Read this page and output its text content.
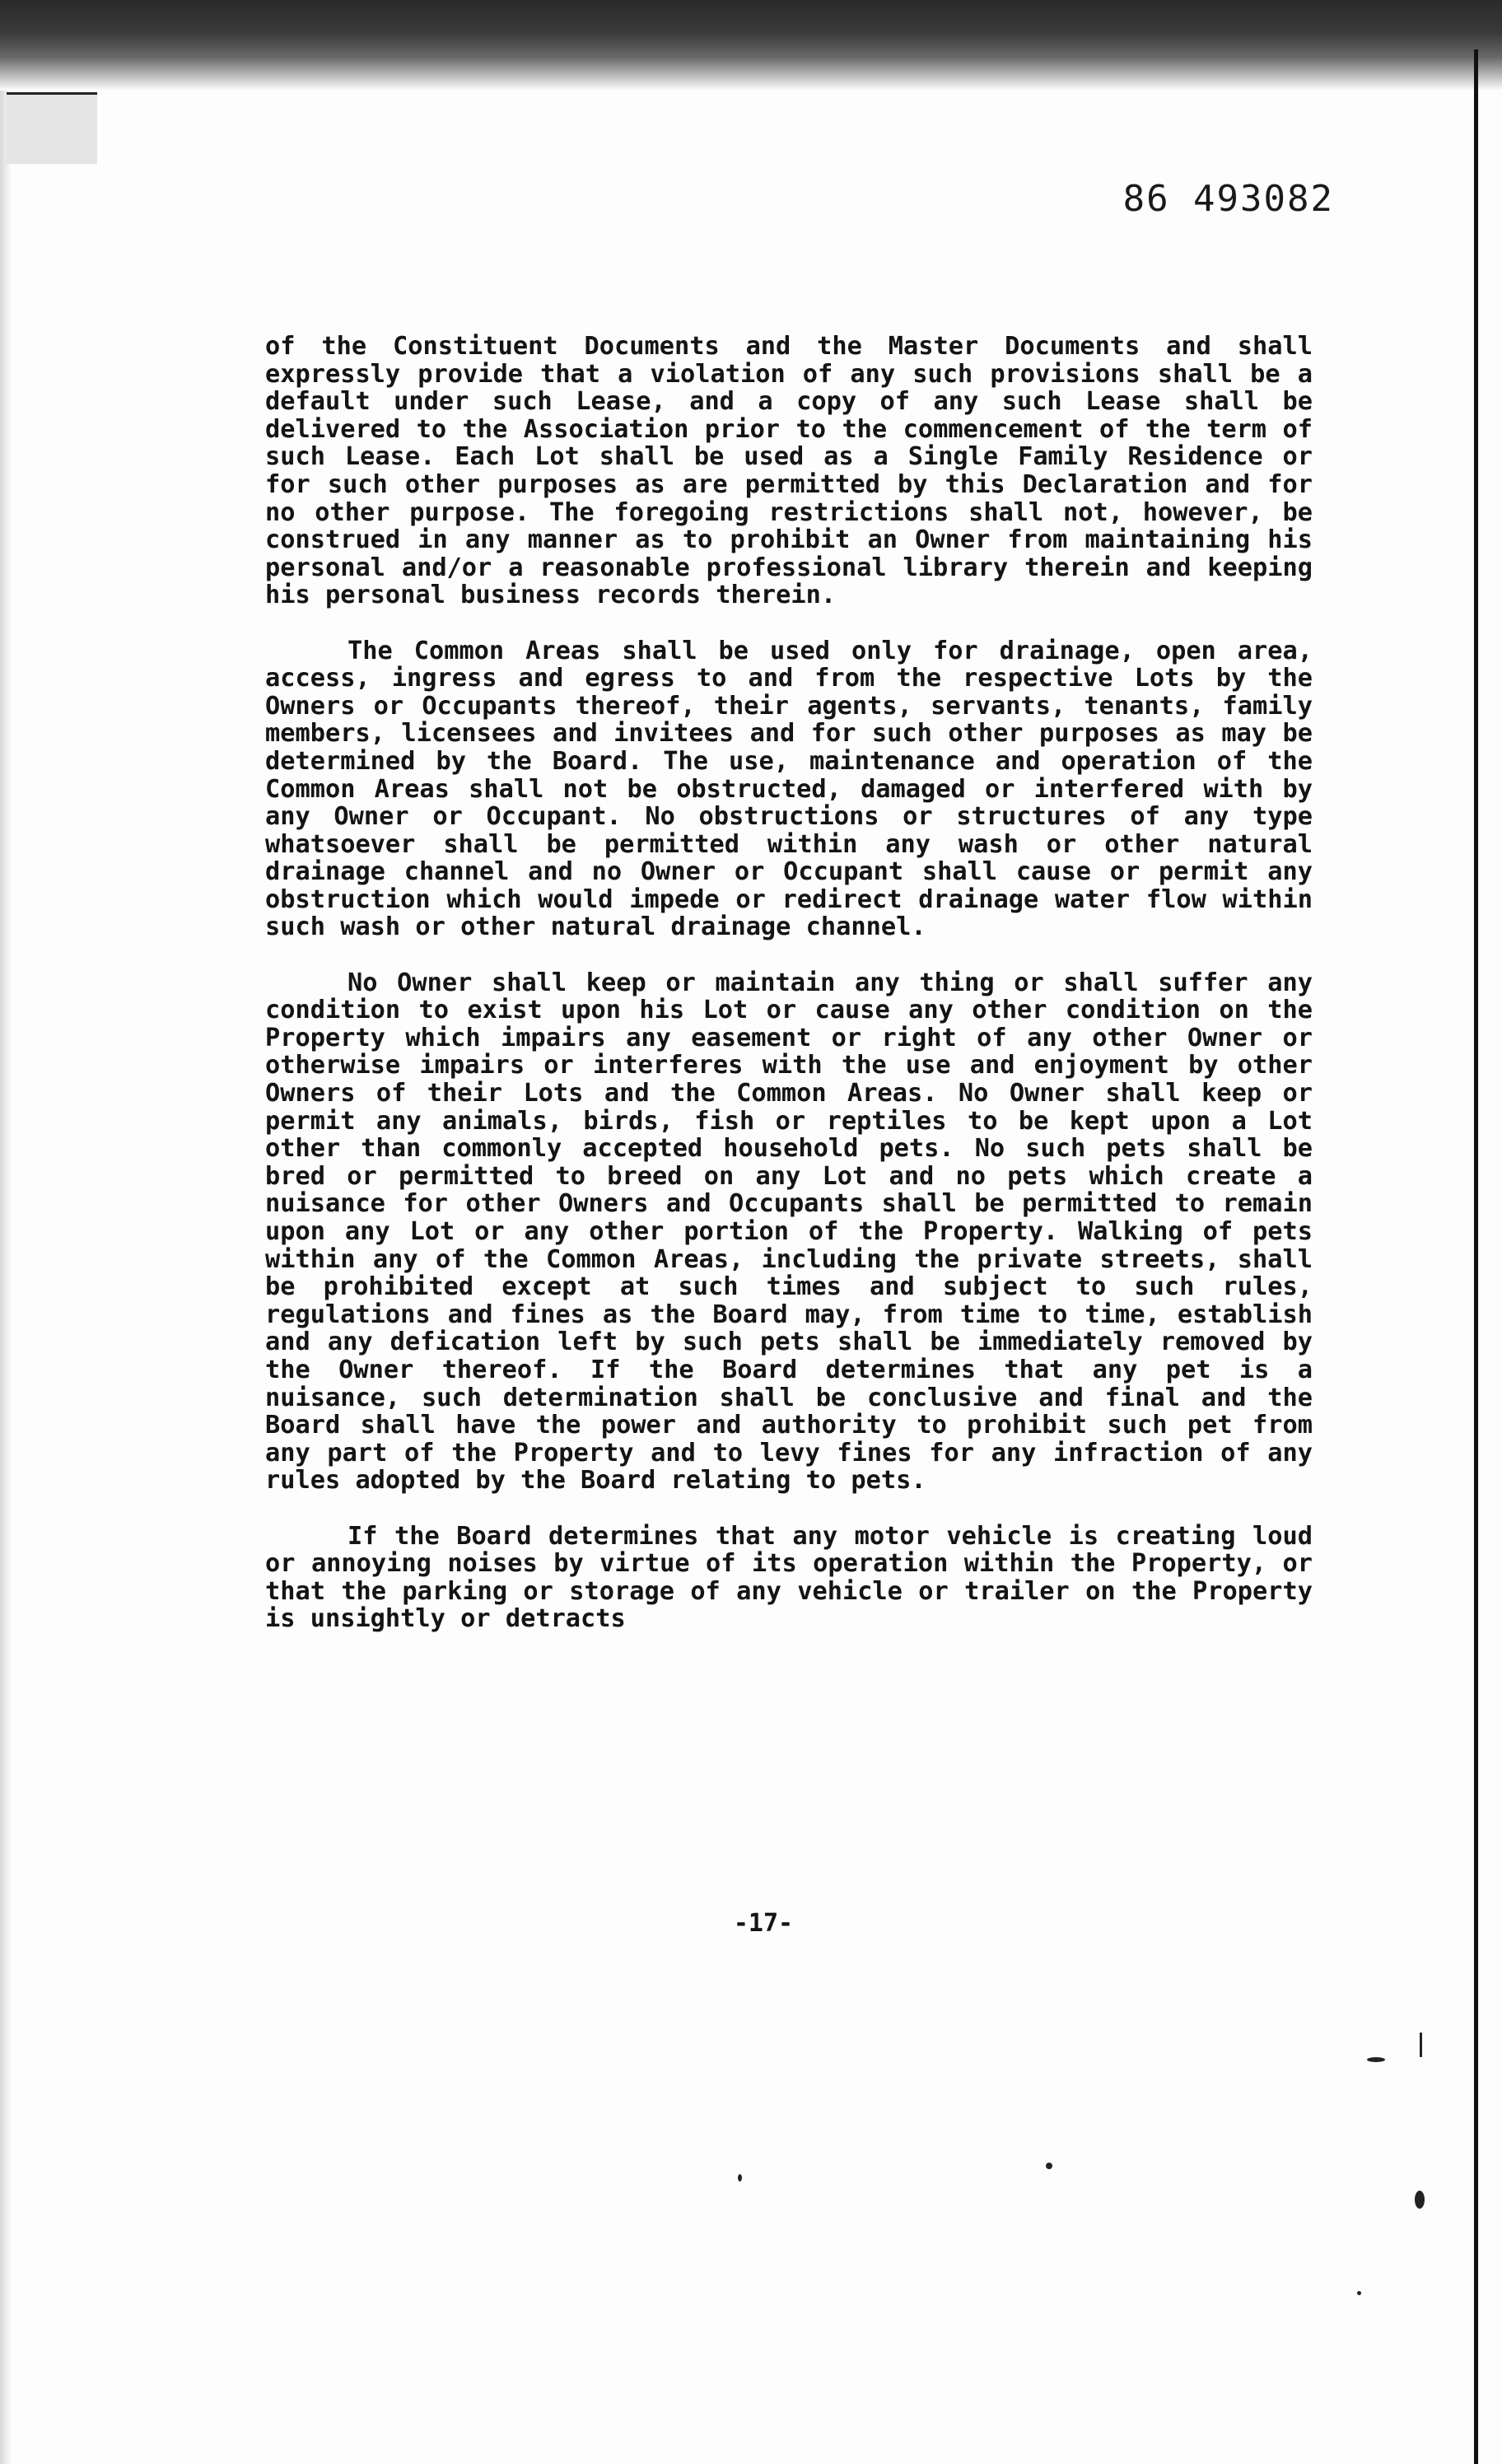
86 493082

of the Constituent Documents and the Master Documents and shall expressly provide that a violation of any such provisions shall be a default under such Lease, and a copy of any such Lease shall be delivered to the Association prior to the commencement of the term of such Lease. Each Lot shall be used as a Single Family Residence or for such other purposes as are permitted by this Declaration and for no other purpose. The foregoing restrictions shall not, however, be construed in any manner as to prohibit an Owner from maintaining his personal and/or a reasonable professional library therein and keeping his personal business records therein.

The Common Areas shall be used only for drainage, open area, access, ingress and egress to and from the respective Lots by the Owners or Occupants thereof, their agents, servants, tenants, family members, licensees and invitees and for such other purposes as may be determined by the Board. The use, maintenance and operation of the Common Areas shall not be obstructed, damaged or interfered with by any Owner or Occupant. No obstructions or structures of any type whatsoever shall be permitted within any wash or other natural drainage channel and no Owner or Occupant shall cause or permit any obstruction which would impede or redirect drainage water flow within such wash or other natural drainage channel.

No Owner shall keep or maintain any thing or shall suffer any condition to exist upon his Lot or cause any other condition on the Property which impairs any easement or right of any other Owner or otherwise impairs or interferes with the use and enjoyment by other Owners of their Lots and the Common Areas. No Owner shall keep or permit any animals, birds, fish or reptiles to be kept upon a Lot other than commonly accepted household pets. No such pets shall be bred or permitted to breed on any Lot and no pets which create a nuisance for other Owners and Occupants shall be permitted to remain upon any Lot or any other portion of the Property. Walking of pets within any of the Common Areas, including the private streets, shall be prohibited except at such times and subject to such rules, regulations and fines as the Board may, from time to time, establish and any defication left by such pets shall be immediately removed by the Owner thereof. If the Board determines that any pet is a nuisance, such determination shall be conclusive and final and the Board shall have the power and authority to prohibit such pet from any part of the Property and to levy fines for any infraction of any rules adopted by the Board relating to pets.

If the Board determines that any motor vehicle is creating loud or annoying noises by virtue of its operation within the Property, or that the parking or storage of any vehicle or trailer on the Property is unsightly or detracts

-17-
